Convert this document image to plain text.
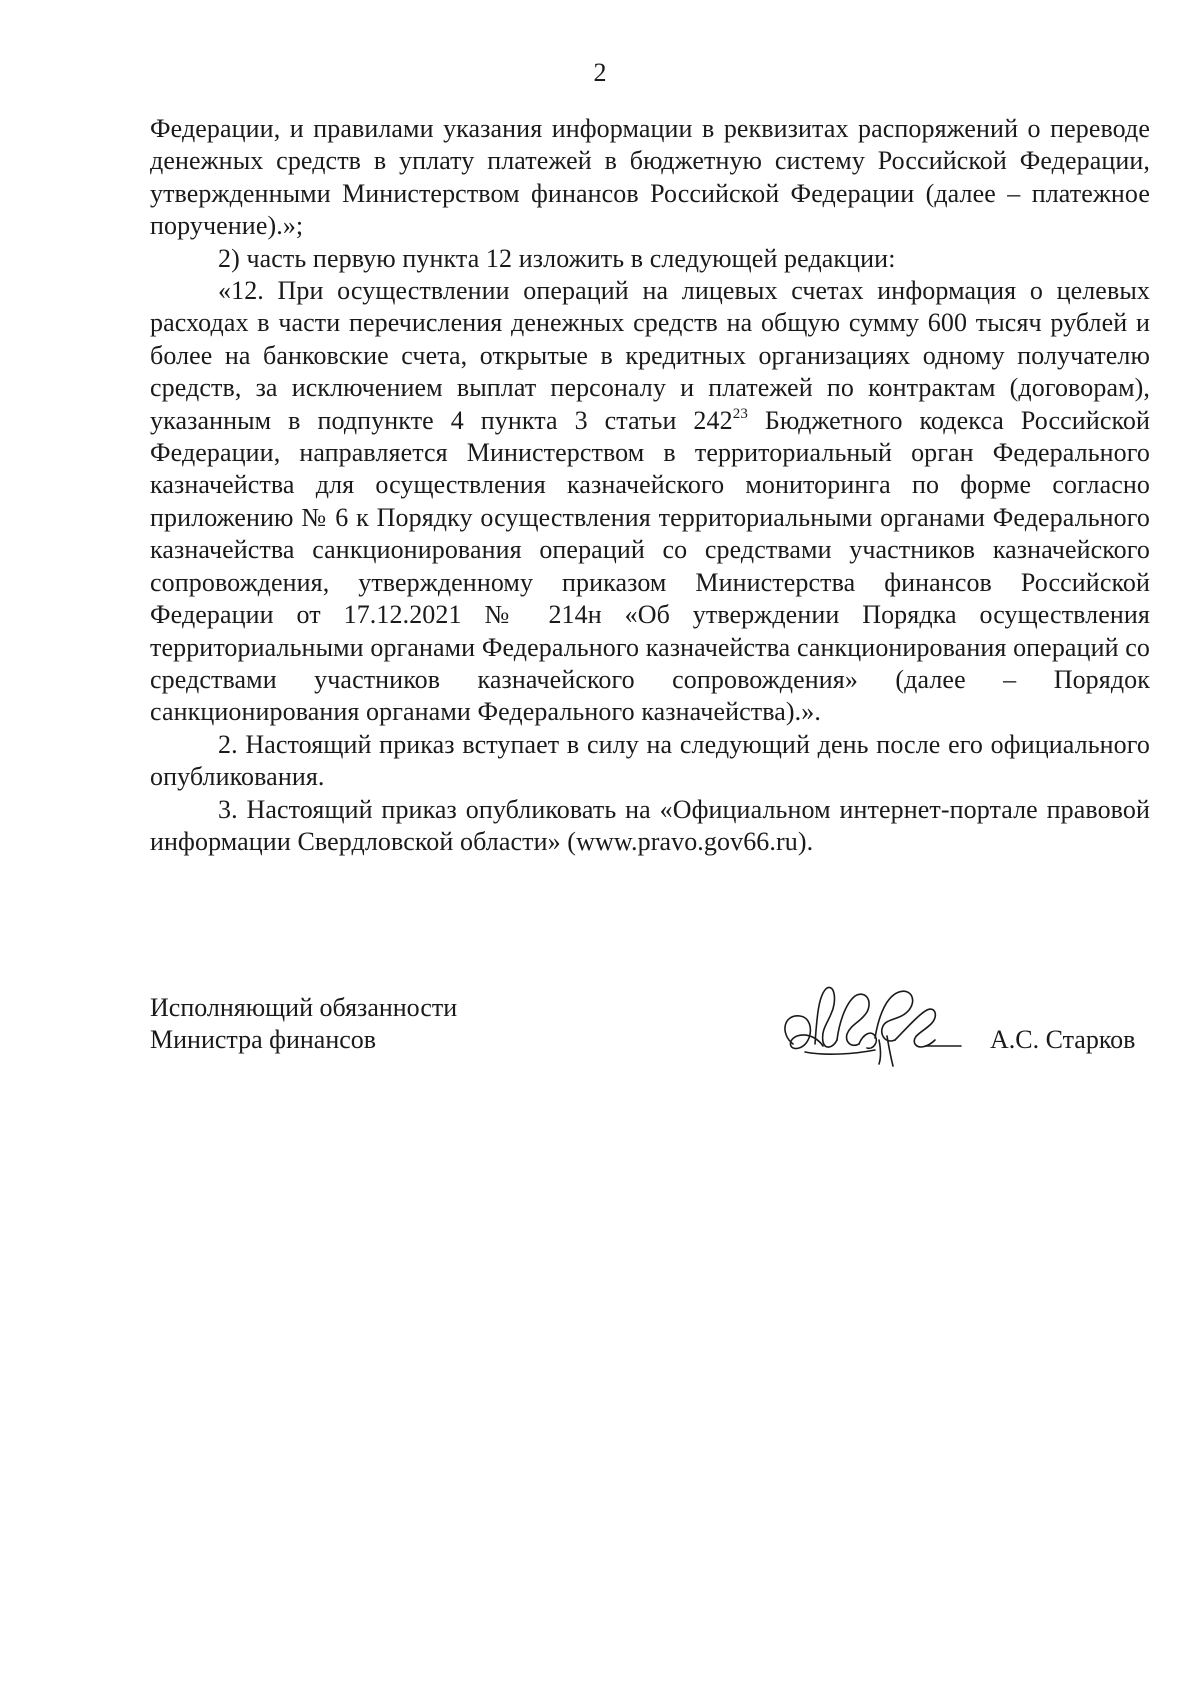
2

Федерации, и правилами указания информации в реквизитах распоряжений о переводе денежных средств в уплату платежей в бюджетную систему Российской Федерации, утвержденными Министерством финансов Российской Федерации (далее – платежное поручение).»;

2) часть первую пункта 12 изложить в следующей редакции:

«12. При осуществлении операций на лицевых счетах информация о целевых расходах в части перечисления денежных средств на общую сумму 600 тысяч рублей и более на банковские счета, открытые в кредитных организациях одному получателю средств, за исключением выплат персоналу и платежей по контрактам (договорам), указанным в подпункте 4 пункта 3 статьи $242^{23}$ Бюджетного кодекса Российской Федерации, направляется Министерством в территориальный орган Федерального казначейства для осуществления казначейского мониторинга по форме согласно приложению № 6 к Порядку осуществления территориальными органами Федерального казначейства санкционирования операций со средствами участников казначейского сопровождения, утвержденному приказом Министерства финансов Российской Федерации от 17.12.2021 № 214н «Об утверждении Порядка осуществления территориальными органами Федерального казначейства санкционирования операций со средствами участников казначейского сопровождения» (далее – Порядок санкционирования органами Федерального казначейства).».

2. Настоящий приказ вступает в силу на следующий день после его официального опубликования.

3. Настоящий приказ опубликовать на «Официальном интернет-портале правовой информации Свердловской области» (www.pravo.gov66.ru).

Исполняющий обязанности
Министра финансов	А.С. Старков
